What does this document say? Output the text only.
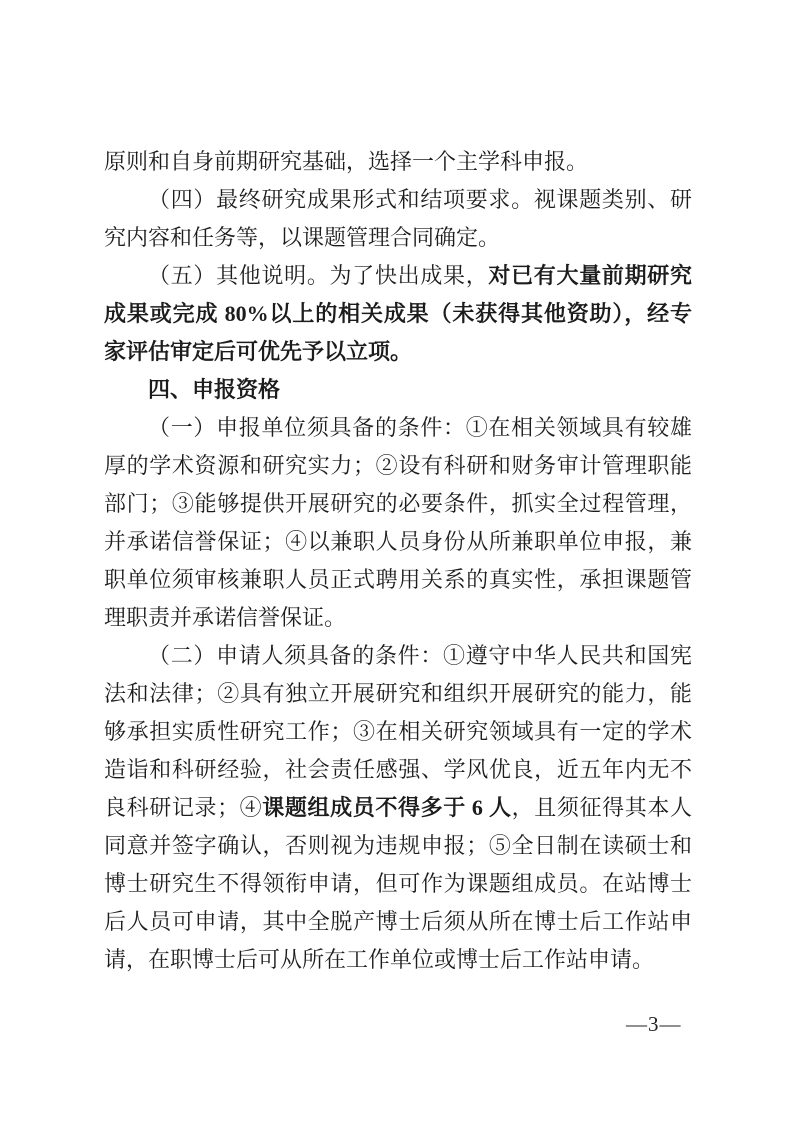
原则和自身前期研究基础，选择一个主学科申报。

（四）最终研究成果形式和结项要求。视课题类别、研究内容和任务等，以课题管理合同确定。

（五）其他说明。为了快出成果，对已有大量前期研究成果或完成 80%以上的相关成果（未获得其他资助），经专家评估审定后可优先予以立项。

四、申报资格

（一）申报单位须具备的条件：①在相关领域具有较雄厚的学术资源和研究实力；②设有科研和财务审计管理职能部门；③能够提供开展研究的必要条件，抓实全过程管理，并承诺信誉保证；④以兼职人员身份从所兼职单位申报，兼职单位须审核兼职人员正式聘用关系的真实性，承担课题管理职责并承诺信誉保证。

（二）申请人须具备的条件：①遵守中华人民共和国宪法和法律；②具有独立开展研究和组织开展研究的能力，能够承担实质性研究工作；③在相关研究领域具有一定的学术造诣和科研经验，社会责任感强、学风优良，近五年内无不良科研记录；④课题组成员不得多于 6 人，且须征得其本人同意并签字确认，否则视为违规申报；⑤全日制在读硕士和博士研究生不得领衔申请，但可作为课题组成员。在站博士后人员可申请，其中全脱产博士后须从所在博士后工作站申请，在职博士后可从所在工作单位或博士后工作站申请。

—3—
